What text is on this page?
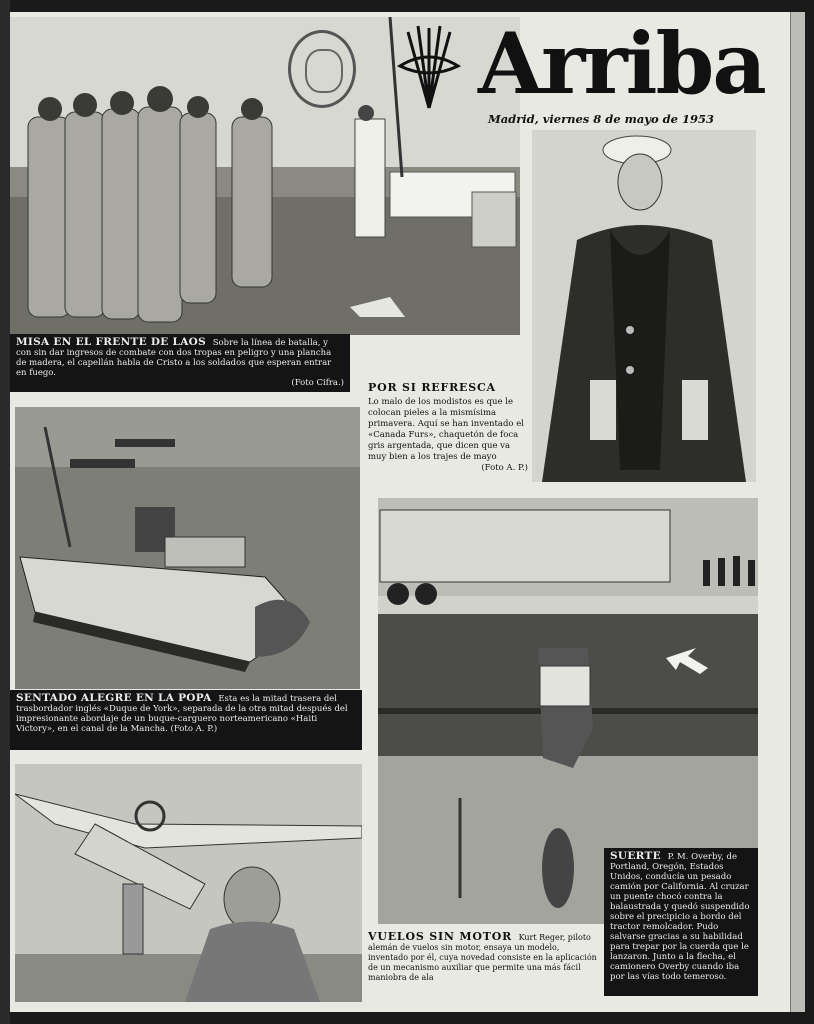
Arriba
Madrid, viernes 8 de mayo de 1953
MISA EN EL FRENTE DE LAOS Sobre la línea de batalla, y con sin dar ingresos de combate con dos tropas en peligro y una plancha de madera, el capellán habla de Cristo a los soldados que esperan entrar en fuego.
(Foto Cifra.) POR SI REFRESCA
Lo malo de los modistos es que le colocan pieles a la mismísima primavera. Aquí se han inventado el «Canada Furs», chaquetón de foca gris argentada, que dicen que va muy bien a los trajes de mayo
(Foto A. P.)
SENTADO ALEGRE EN LA POPA Esta es la mitad trasera del trasbordador inglés «Duque de York», separada de la otra mitad después del impresionante abordaje de un buque-carguero norteamericano «Haiti Victory», en el canal de la Mancha. (Foto A. P.)
SUERTE P. M. Overby, de Portland, Oregón, Estados Unidos, conducía un pesado camión por California. Al cruzar un puente chocó contra la balaustrada y quedó suspendido sobre el precipicio a bordo del tractor remolcador. Pudo salvarse gracias a su habilidad para trepar por la cuerda que le lanzaron. Junto a la flecha, el camionero Overby cuando iba por las vías todo temeroso.
VUELOS SIN MOTOR Kurt Reger, piloto alemán de vuelos sin motor, ensaya un modelo, inventado por él, cuya novedad consiste en la aplicación de un mecanismo auxiliar que permite una más fácil maniobra de ala
